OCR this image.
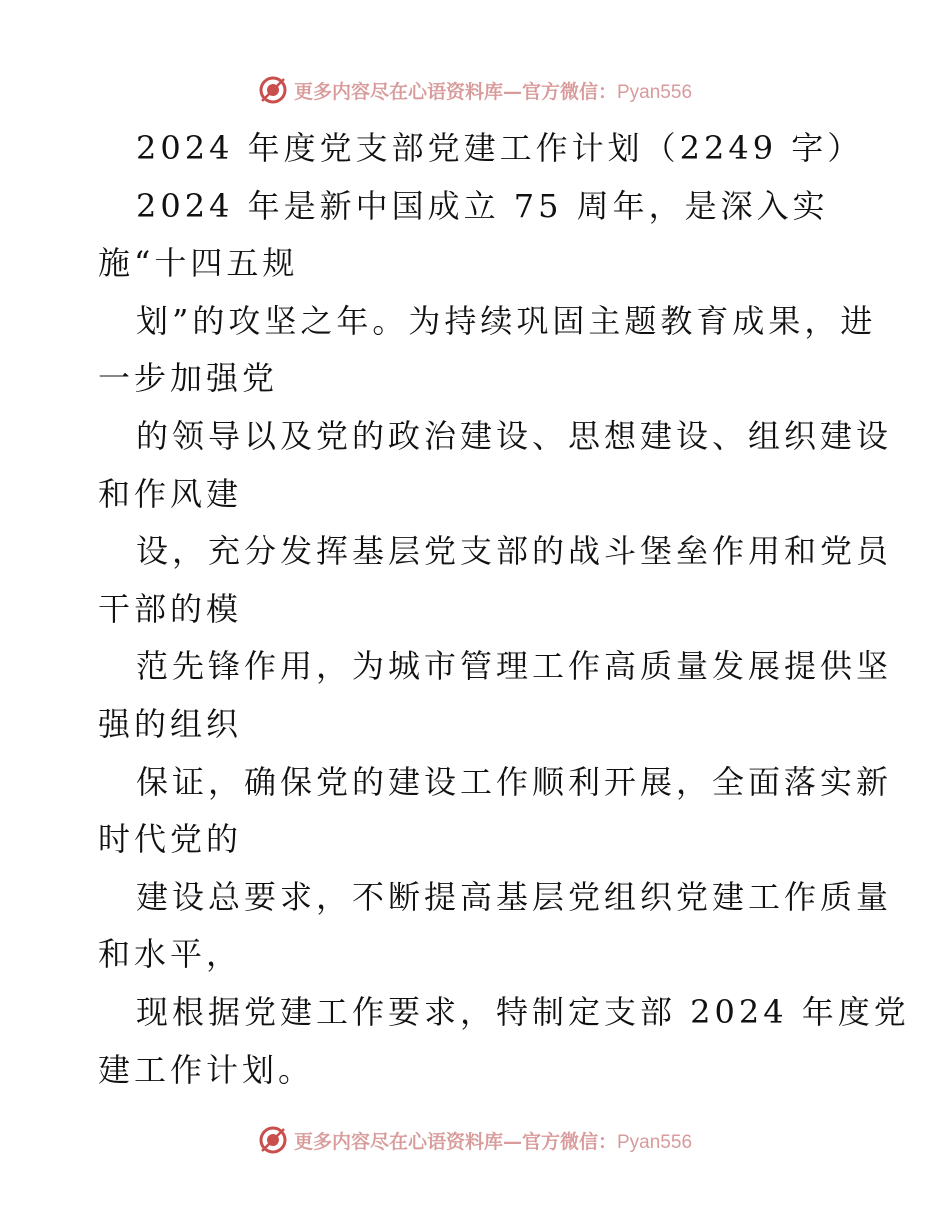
更多内容尽在心语资料库—官方微信：Pyan556
2024 年度党支部党建工作计划（2249 字）
2024 年是新中国成立 75 周年，是深入实
施“十四五规
划”的攻坚之年。为持续巩固主题教育成果，进
一步加强党
的领导以及党的政治建设、思想建设、组织建设
和作风建
设，充分发挥基层党支部的战斗堡垒作用和党员
干部的模
范先锋作用，为城市管理工作高质量发展提供坚
强的组织
保证，确保党的建设工作顺利开展，全面落实新
时代党的
建设总要求，不断提高基层党组织党建工作质量
和水平，
现根据党建工作要求，特制定支部 2024 年度党
建工作计划。
更多内容尽在心语资料库—官方微信：Pyan556
